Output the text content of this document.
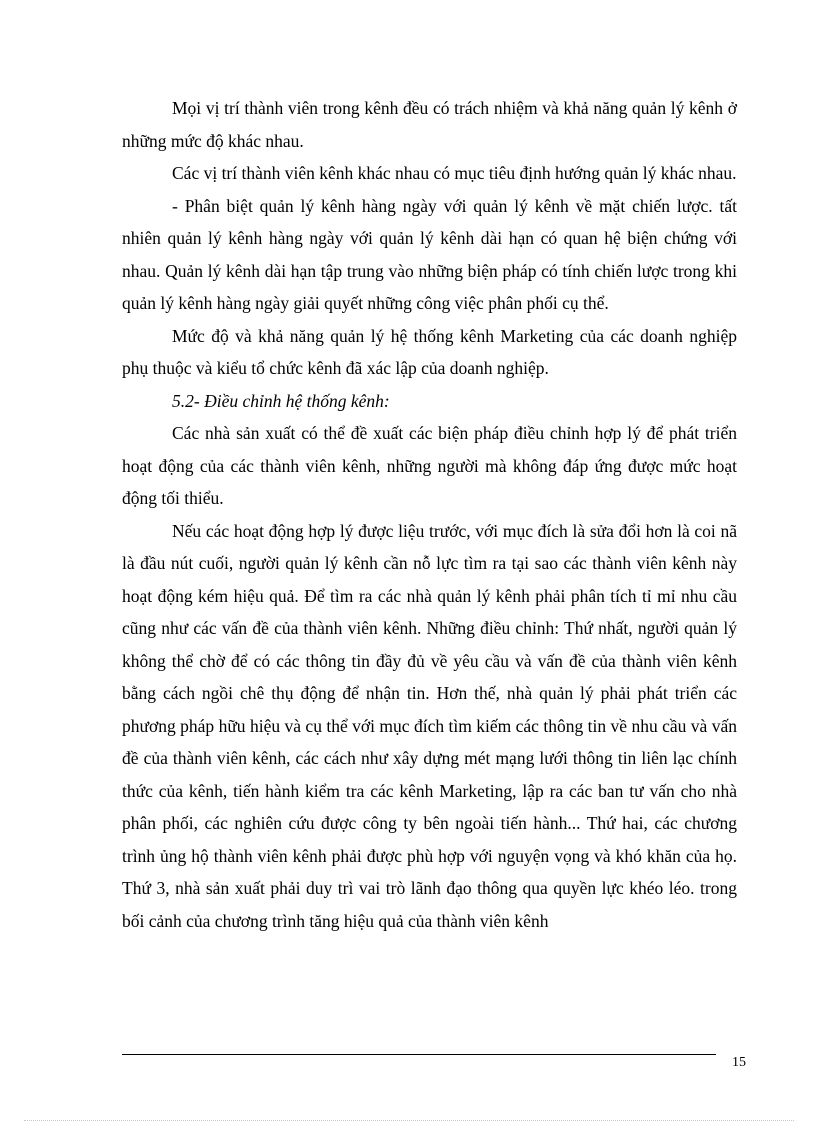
Mọi vị trí thành viên trong kênh đều có trách nhiệm và khả năng quản lý kênh ở những mức độ khác nhau.

Các vị trí thành viên kênh khác nhau có mục tiêu định hướng quản lý khác nhau.

- Phân biệt quản lý kênh hàng ngày với quản lý kênh về mặt chiến lược. tất nhiên quản lý kênh hàng ngày với quản lý kênh dài hạn có quan hệ biện chứng với nhau. Quản lý kênh dài hạn tập trung vào những biện pháp có tính chiến lược trong khi quản lý kênh hàng ngày giải quyết những công việc phân phối cụ thể.

Mức độ và khả năng quản lý hệ thống kênh Marketing của các doanh nghiệp phụ thuộc và kiểu tổ chức kênh đã xác lập của doanh nghiệp.

5.2- Điều chỉnh hệ thống kênh:

Các nhà sản xuất có thể đề xuất các biện pháp điều chỉnh hợp lý để phát triển hoạt động của các thành viên kênh, những người mà không đáp ứng được mức hoạt động tối thiểu.

Nếu các hoạt động hợp lý được liệu trước, với mục đích là sửa đổi hơn là coi nã là đầu nút cuối, người quản lý kênh cần nỗ lực tìm ra tại sao các thành viên kênh này hoạt động kém hiệu quả. Để tìm ra các nhà quản lý kênh phải phân tích tỉ mỉ nhu cầu cũng như các vấn đề của thành viên kênh. Những điều chỉnh: Thứ nhất, người quản lý không thể chờ để có các thông tin đầy đủ về yêu cầu và vấn đề của thành viên kênh bằng cách ngồi chê thụ động để nhận tin. Hơn thế, nhà quản lý phải phát triển các phương pháp hữu hiệu và cụ thể với mục đích tìm kiếm các thông tin về nhu cầu và vấn đề của thành viên kênh, các cách như xây dựng mét mạng lưới thông tin liên lạc chính thức của kênh, tiến hành kiểm tra các kênh Marketing, lập ra các ban tư vấn cho nhà phân phối, các nghiên cứu được công ty bên ngoài tiến hành... Thứ hai, các chương trình ủng hộ thành viên kênh phải được phù hợp với nguyện vọng và khó khăn của họ. Thứ 3, nhà sản xuất phải duy trì vai trò lãnh đạo thông qua quyền lực khéo léo. trong bối cảnh của chương trình tăng hiệu quả của thành viên kênh

15
